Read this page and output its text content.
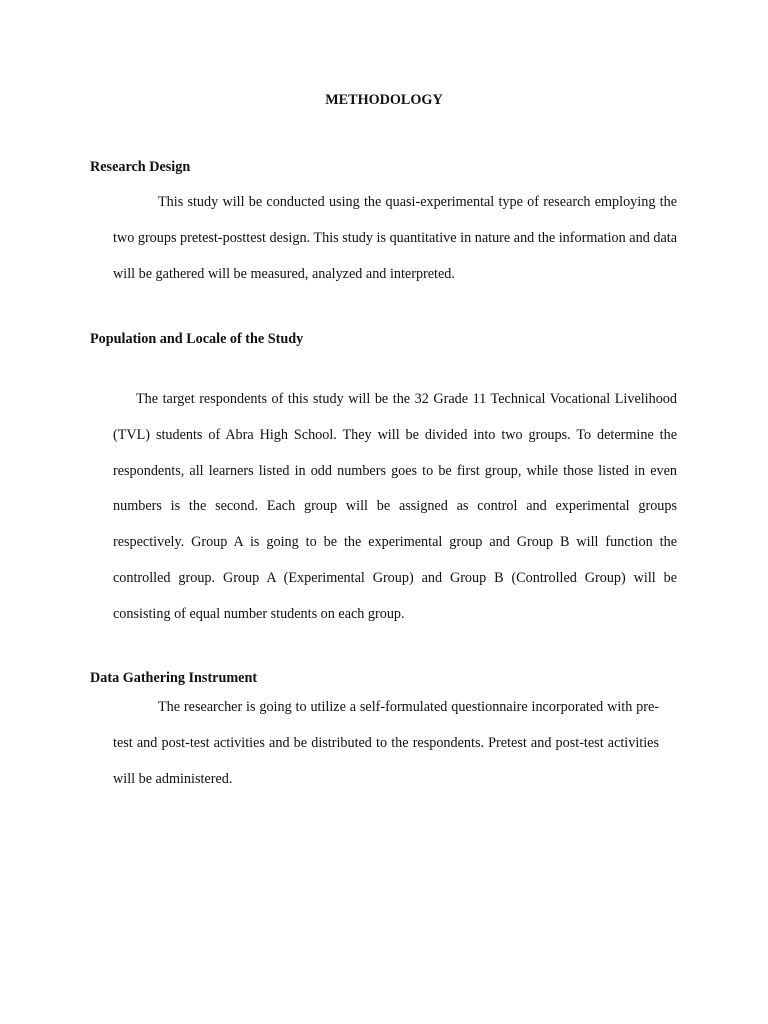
METHODOLOGY
Research Design

This study will be conducted using the quasi-experimental type of research employing the two groups pretest-posttest design. This study is quantitative in nature and the information and data will be gathered will be measured, analyzed and interpreted.

Population and Locale of the Study

The target respondents of this study will be the 32 Grade 11 Technical Vocational Livelihood (TVL) students of Abra High School. They will be divided into two groups. To determine the respondents, all learners listed in odd numbers goes to be first group, while those listed in even numbers is the second. Each group will be assigned as control and experimental groups respectively. Group A is going to be the experimental group and Group B will function the controlled group. Group A (Experimental Group) and Group B (Controlled Group) will be consisting of equal number students on each group.

Data Gathering Instrument

The researcher is going to utilize a self-formulated questionnaire incorporated with pre-test and post-test activities and be distributed to the respondents. Pretest and post-test activities will be administered.
